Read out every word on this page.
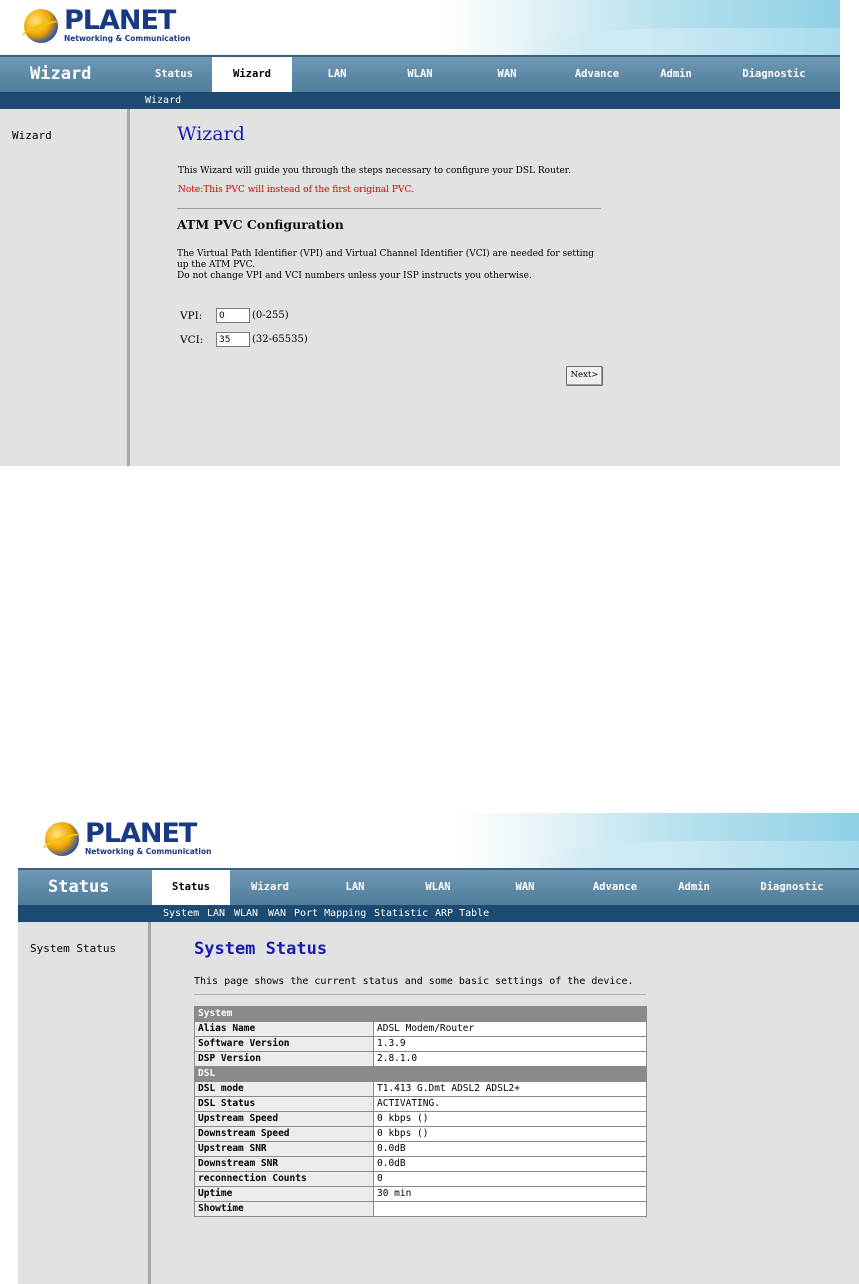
PLANET
Networking & Communication
Wizard	Status	Wizard	LAN	WLAN	WAN	Advance	Admin	Diagnostic
Wizard
Wizard	Wizard
This Wizard will guide you through the steps necessary to configure your DSL Router.
Note:This PVC will instead of the first original PVC.
ATM PVC Configuration
The Virtual Path Identifier (VPI) and Virtual Channel Identifier (VCI) are needed for setting up the ATM PVC.
Do not change VPI and VCI numbers unless your ISP instructs you otherwise.
VPI:
0	(0-255)
VCI:
35	(32-65535)
Next>
PLANET
Networking & Communication
Status	Status	Wizard	LAN	WLAN	WAN	Advance	Admin	Diagnostic
System LAN WLAN WAN Port Mapping Statistic ARP Table
System Status	System Status
This page shows the current status and some basic settings of the device.
System	
Alias Name	ADSL Modem/Router
Software Version	1.3.9
DSP Version	2.8.1.0
DSL	
DSL mode	T1.413 G.Dmt ADSL2 ADSL2+
DSL Status	ACTIVATING.
Upstream Speed	0 kbps ()
Downstream Speed	0 kbps ()
Upstream SNR	0.0dB
Downstream SNR	0.0dB
reconnection Counts	0
Uptime	30 min
Showtime	
